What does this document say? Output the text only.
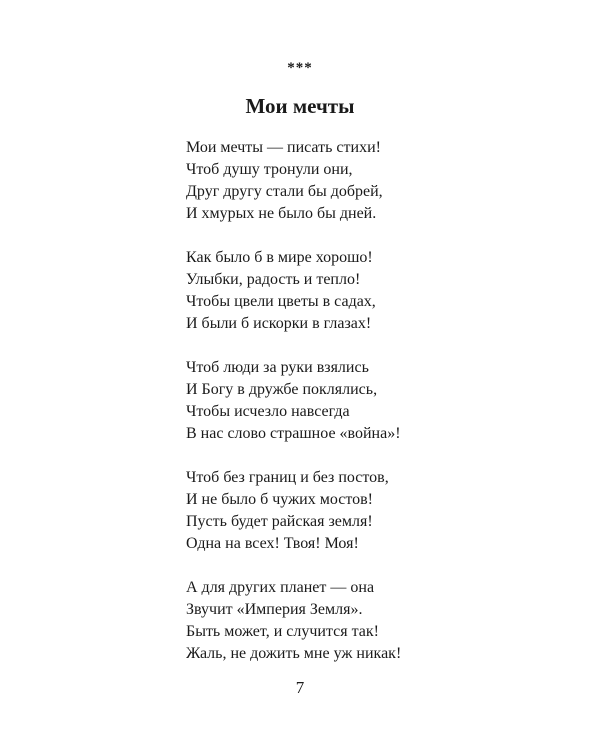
***
Мои мечты
Мои мечты — писать стихи!
Чтоб душу тронули они,
Друг другу стали бы добрей,
И хмурых не было бы дней.
Как было б в мире хорошо!
Улыбки, радость и тепло!
Чтобы цвели цветы в садах,
И были б искорки в глазах!
Чтоб люди за руки взялись
И Богу в дружбе поклялись,
Чтобы исчезло навсегда
В нас слово страшное «война»!
Чтоб без границ и без постов,
И не было б чужих мостов!
Пусть будет райская земля!
Одна на всех! Твоя! Моя!
А для других планет — она
Звучит «Империя Земля».
Быть может, и случится так!
Жаль, не дожить мне уж никак!
7
